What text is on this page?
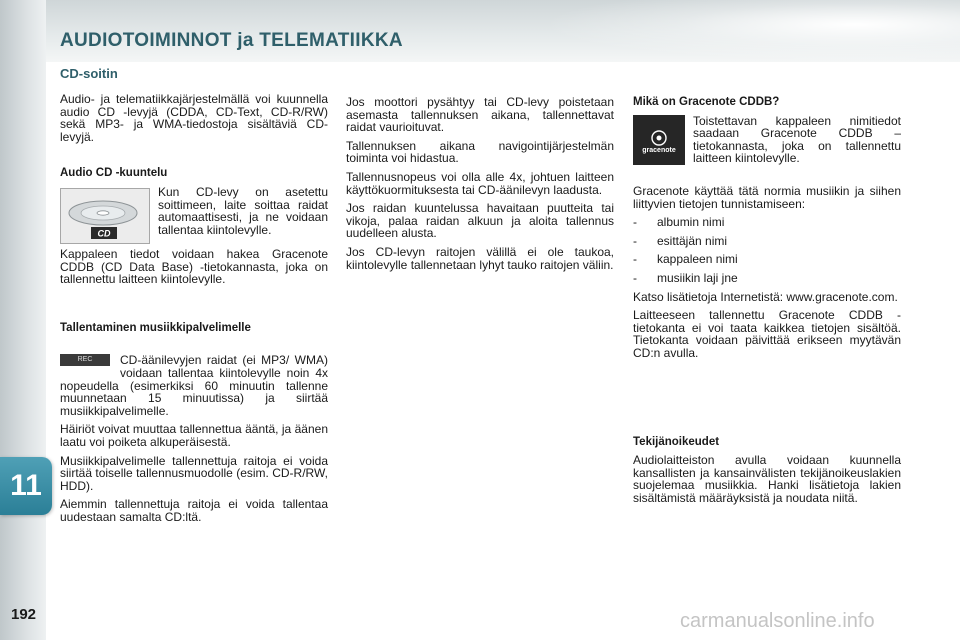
AUDIOTOIMINNOT ja TELEMATIIKKA
11
192	carmanualsonline.info
CD-soitin

Audio- ja telematiikkajärjestelmällä voi kuunnella audio CD -levyjä (CDDA, CD-Text, CD-R/RW) sekä MP3- ja WMA-tiedostoja sisältäviä CD-levyjä.

Audio CD -kuuntelu
CD

Kun CD-levy on asetettu soittimeen, laite soittaa raidat automaattisesti, ja ne voidaan tallentaa kiintolevylle.

Kappaleen tiedot voidaan hakea Gracenote CDDB (CD Data Base) -tietokannasta, joka on tallennettu laitteen kiintolevylle.

Tallentaminen musiikkipalvelimelle
REC	CD-äänilevyjen raidat (ei MP3/ WMA) voidaan tallentaa kiintolevylle noin 4x nopeudella (esimerkiksi 60 minuutin tallenne muunnetaan 15 minuutissa) ja siirtää musiikkipalvelimelle.

Häiriöt voivat muuttaa tallennettua ääntä, ja äänen laatu voi poiketa alkuperäisestä.

Musiikkipalvelimelle tallennettuja raitoja ei voida siirtää toiselle tallennusmuodolle (esim. CD-R/RW, HDD).

Aiemmin tallennettuja raitoja ei voida tallentaa uudestaan samalta CD:ltä.

Jos moottori pysähtyy tai CD-levy poistetaan asemasta tallennuksen aikana, tallennettavat raidat vaurioituvat.

Tallennuksen aikana navigointijärjestelmän toiminta voi hidastua.

Tallennusnopeus voi olla alle 4x, johtuen laitteen käyttökuormituksesta tai CD-äänilevyn laadusta.

Jos raidan kuuntelussa havaitaan puutteita tai vikoja, palaa raidan alkuun ja aloita tallennus uudelleen alusta.

Jos CD-levyn raitojen välillä ei ole taukoa, kiintolevylle tallennetaan lyhyt tauko raitojen väliin.

Mikä on Gracenote CDDB?
gracenote

Toistettavan kappaleen nimitiedot saadaan Gracenote CDDB –tietokannasta, joka on tallennettu laitteen kiintolevylle.

Gracenote käyttää tätä normia musiikin ja siihen liittyvien tietojen tunnistamiseen:

- albumin nimi
- esittäjän nimi
- kappaleen nimi
- musiikin laji jne

Katso lisätietoja Internetistä: www.gracenote.com.

Laitteeseen tallennettu Gracenote CDDB -tietokanta ei voi taata kaikkea tietojen sisältöä. Tietokanta voidaan päivittää erikseen myytävän CD:n avulla.

Tekijänoikeudet

Audiolaitteiston avulla voidaan kuunnella kansallisten ja kansainvälisten tekijänoikeuslakien suojelemaa musiikkia. Hanki lisätietoja lakien sisältämistä määräyksistä ja noudata niitä.
